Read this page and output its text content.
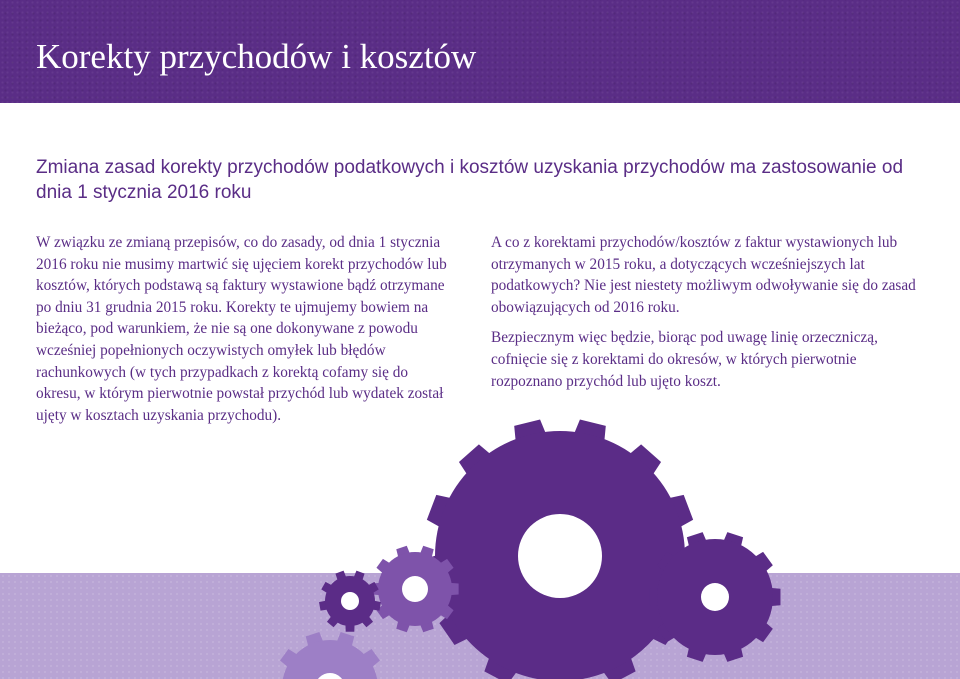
Korekty przychodów i kosztów
Zmiana zasad korekty przychodów podatkowych i kosztów uzyskania przychodów ma zastosowanie od dnia 1 stycznia 2016 roku

W związku ze zmianą przepisów, co do zasady, od dnia 1 stycznia 2016 roku nie musimy martwić się ujęciem korekt przychodów lub kosztów, których podstawą są faktury wystawione bądź otrzymane po dniu 31 grudnia 2015 roku. Korekty te ujmujemy bowiem na bieżąco, pod warunkiem, że nie są one dokonywane z powodu wcześniej popełnionych oczywistych omyłek lub błędów rachunkowych (w tych przypadkach z korektą cofamy się do okresu, w którym pierwotnie powstał przychód lub wydatek został ujęty w kosztach uzyskania przychodu).

A co z korektami przychodów/kosztów z faktur wystawionych lub otrzymanych w 2015 roku, a dotyczących wcześniejszych lat podatkowych? Nie jest niestety możliwym odwoływanie się do zasad obowiązujących od 2016 roku.

Bezpiecznym więc będzie, biorąc pod uwagę linię orzeczniczą, cofnięcie się z korektami do okresów, w których pierwotnie rozpoznano przychód lub ujęto koszt.
